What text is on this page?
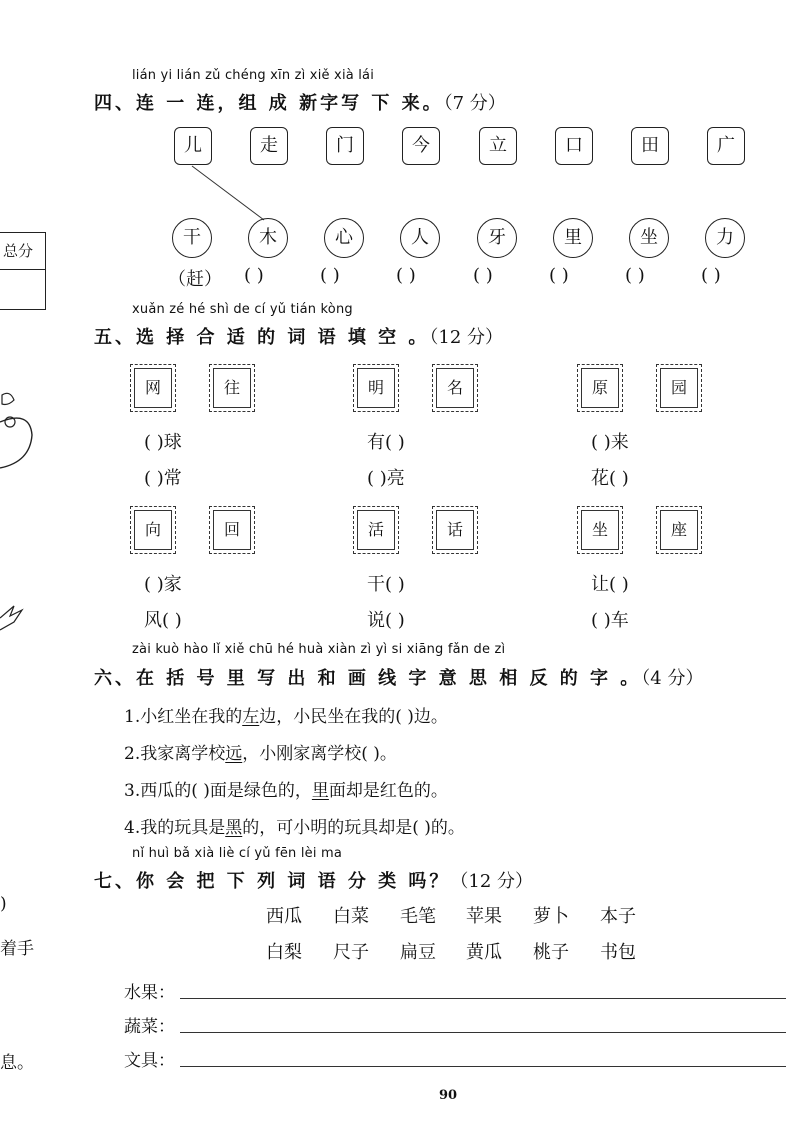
总分
)
着手
息。
lián yi lián zǔ chéng xīn zì xiě xià lái
四、连 一 连，组 成 新字写 下 来。（7 分）
儿	走	门	今	立	口	田	广
干	木	心	人	牙	里	坐	力
（赶） ( )	( )	( )	( )	( )	( )	( )
xuǎn zé hé shì de cí yǔ tián kòng
五、选 择 合 适 的 词 语 填 空 。（12 分）
网	往
( )球
( )常
明	名
有( )
( )亮
原	园
( )来
花( )
向	回
( )家
风( )
活	话
干( )
说( )
坐	座
让( )
( )车
zài kuò hào lǐ xiě chū hé huà xiàn zì yì si xiāng fǎn de zì
六、在 括 号 里 写 出 和 画 线 字 意 思 相 反 的 字 。（4 分）
1.小红坐在我的左边，小民坐在我的( )边。
2.我家离学校远，小刚家离学校( )。
3.西瓜的( )面是绿色的，里面却是红色的。
4.我的玩具是黑的，可小明的玩具却是( )的。
nǐ huì bǎ xià liè cí yǔ fēn lèi ma
七、你 会 把 下 列 词 语 分 类 吗？（12 分）
西瓜 白菜 毛笔 苹果 萝卜 本子
白梨 尺子 扁豆 黄瓜 桃子 书包
水果：
蔬菜：
文具：
90
